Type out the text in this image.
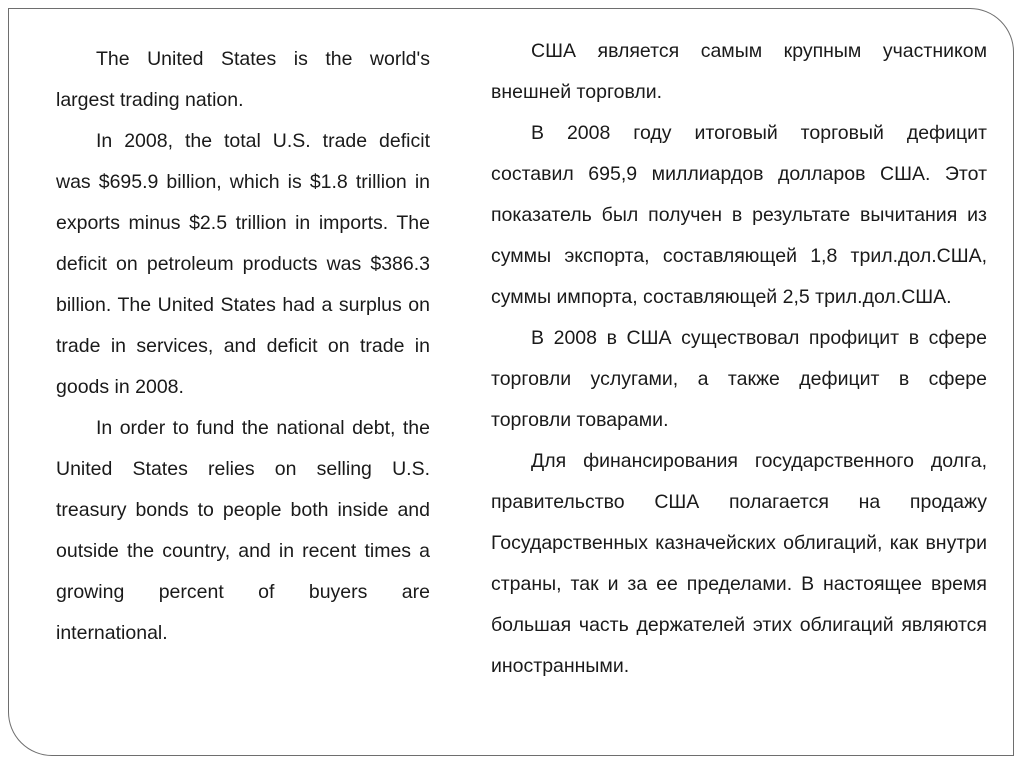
The United States is the world's largest trading nation.

In 2008, the total U.S. trade deficit was $695.9 billion, which is $1.8 trillion in exports minus $2.5 trillion in imports. The deficit on petroleum products was $386.3 billion. The United States had a surplus on trade in services, and deficit on trade in goods in 2008.

In order to fund the national debt, the United States relies on selling U.S. treasury bonds to people both inside and outside the country, and in recent times a growing percent of buyers are international.

США является самым крупным участником внешней торговли.

В 2008 году итоговый торговый дефицит составил 695,9 миллиардов долларов США. Этот показатель был получен в результате вычитания из суммы экспорта, составляющей 1,8 трил.дол.США, суммы импорта, составляющей 2,5 трил.дол.США.

В 2008 в США существовал профицит в сфере торговли услугами, а также дефицит в сфере торговли товарами.

Для финансирования государственного долга, правительство США полагается на продажу Государственных казначейских облигаций, как внутри страны, так и за ее пределами. В настоящее время большая часть держателей этих облигаций являются иностранными.
